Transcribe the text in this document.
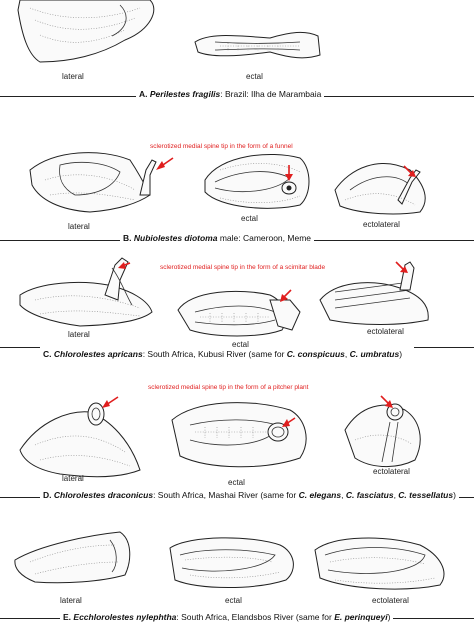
lateral	ectal
A. Perilestes fragilis: Brazil: Ilha de Marambaia
sclerotized medial spine tip in the form of a funnel
lateral
ectal
ectolateral
B. Nubiolestes diotoma male: Cameroon, Meme
sclerotized medial spine tip in the form of a scimitar blade
lateral
ectal
ectolateral
C. Chlorolestes apricans: South Africa, Kubusi River (same for C. conspicuus, C. umbratus)
sclerotized medial spine tip in the form of a pitcher plant
lateral	ectal
ectolateral
D. Chlorolestes draconicus: South Africa, Mashai River (same for C. elegans, C. fasciatus, C. tessellatus)
lateral	ectal	ectolateral
E. Ecchlorolestes nylephtha: South Africa, Elandsbos River (same for E. perinqueyi)
